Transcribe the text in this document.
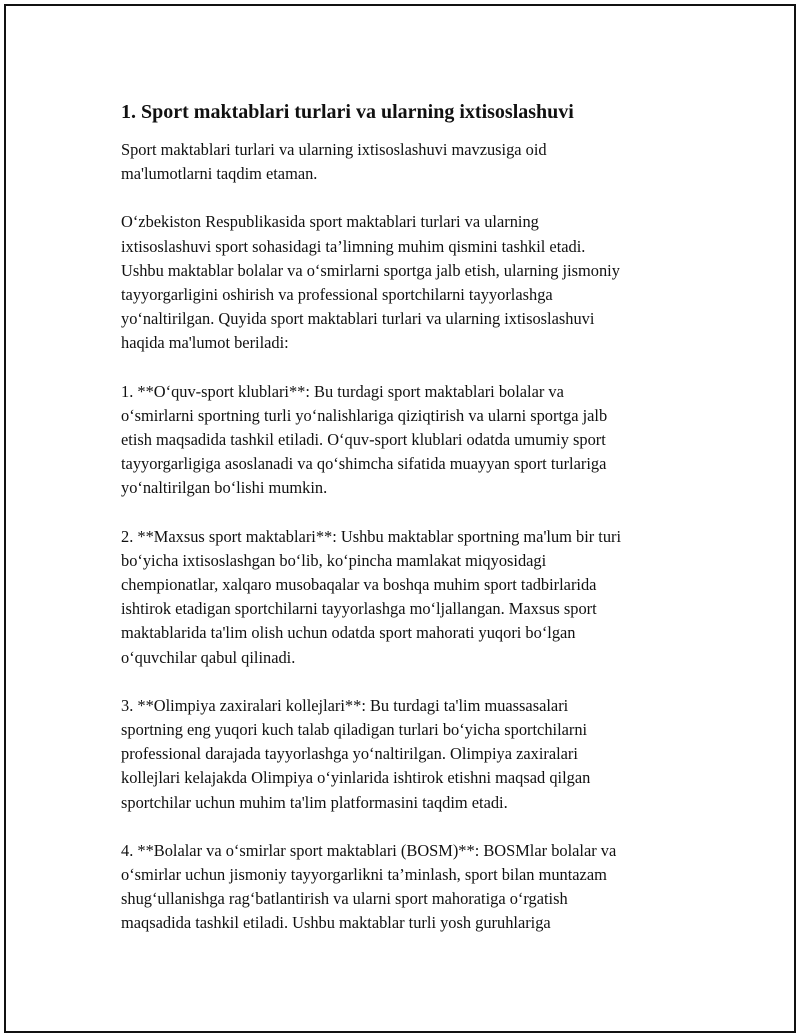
1. Sport maktablari turlari va ularning ixtisoslashuvi

Sport maktablari turlari va ularning ixtisoslashuvi mavzusiga oid
ma'lumotlarni taqdim etaman.

O‘zbekiston Respublikasida sport maktablari turlari va ularning
ixtisoslashuvi sport sohasidagi ta’limning muhim qismini tashkil etadi.
Ushbu maktablar bolalar va o‘smirlarni sportga jalb etish, ularning jismoniy
tayyorgarligini oshirish va professional sportchilarni tayyorlashga
yo‘naltirilgan. Quyida sport maktablari turlari va ularning ixtisoslashuvi
haqida ma'lumot beriladi:

1. **O‘quv-sport klublari**: Bu turdagi sport maktablari bolalar va
o‘smirlarni sportning turli yo‘nalishlariga qiziqtirish va ularni sportga jalb
etish maqsadida tashkil etiladi. O‘quv-sport klublari odatda umumiy sport
tayyorgarligiga asoslanadi va qo‘shimcha sifatida muayyan sport turlariga
yo‘naltirilgan bo‘lishi mumkin.

2. **Maxsus sport maktablari**: Ushbu maktablar sportning ma'lum bir turi
bo‘yicha ixtisoslashgan bo‘lib, ko‘pincha mamlakat miqyosidagi
chempionatlar, xalqaro musobaqalar va boshqa muhim sport tadbirlarida
ishtirok etadigan sportchilarni tayyorlashga mo‘ljallangan. Maxsus sport
maktablarida ta'lim olish uchun odatda sport mahorati yuqori bo‘lgan
o‘quvchilar qabul qilinadi.

3. **Olimpiya zaxiralari kollejlari**: Bu turdagi ta'lim muassasalari
sportning eng yuqori kuch talab qiladigan turlari bo‘yicha sportchilarni
professional darajada tayyorlashga yo‘naltirilgan. Olimpiya zaxiralari
kollejlari kelajakda Olimpiya o‘yinlarida ishtirok etishni maqsad qilgan
sportchilar uchun muhim ta'lim platformasini taqdim etadi.

4. **Bolalar va o‘smirlar sport maktablari (BOSM)**: BOSMlar bolalar va
o‘smirlar uchun jismoniy tayyorgarlikni ta’minlash, sport bilan muntazam
shug‘ullanishga rag‘batlantirish va ularni sport mahoratiga o‘rgatish
maqsadida tashkil etiladi. Ushbu maktablar turli yosh guruhlariga
